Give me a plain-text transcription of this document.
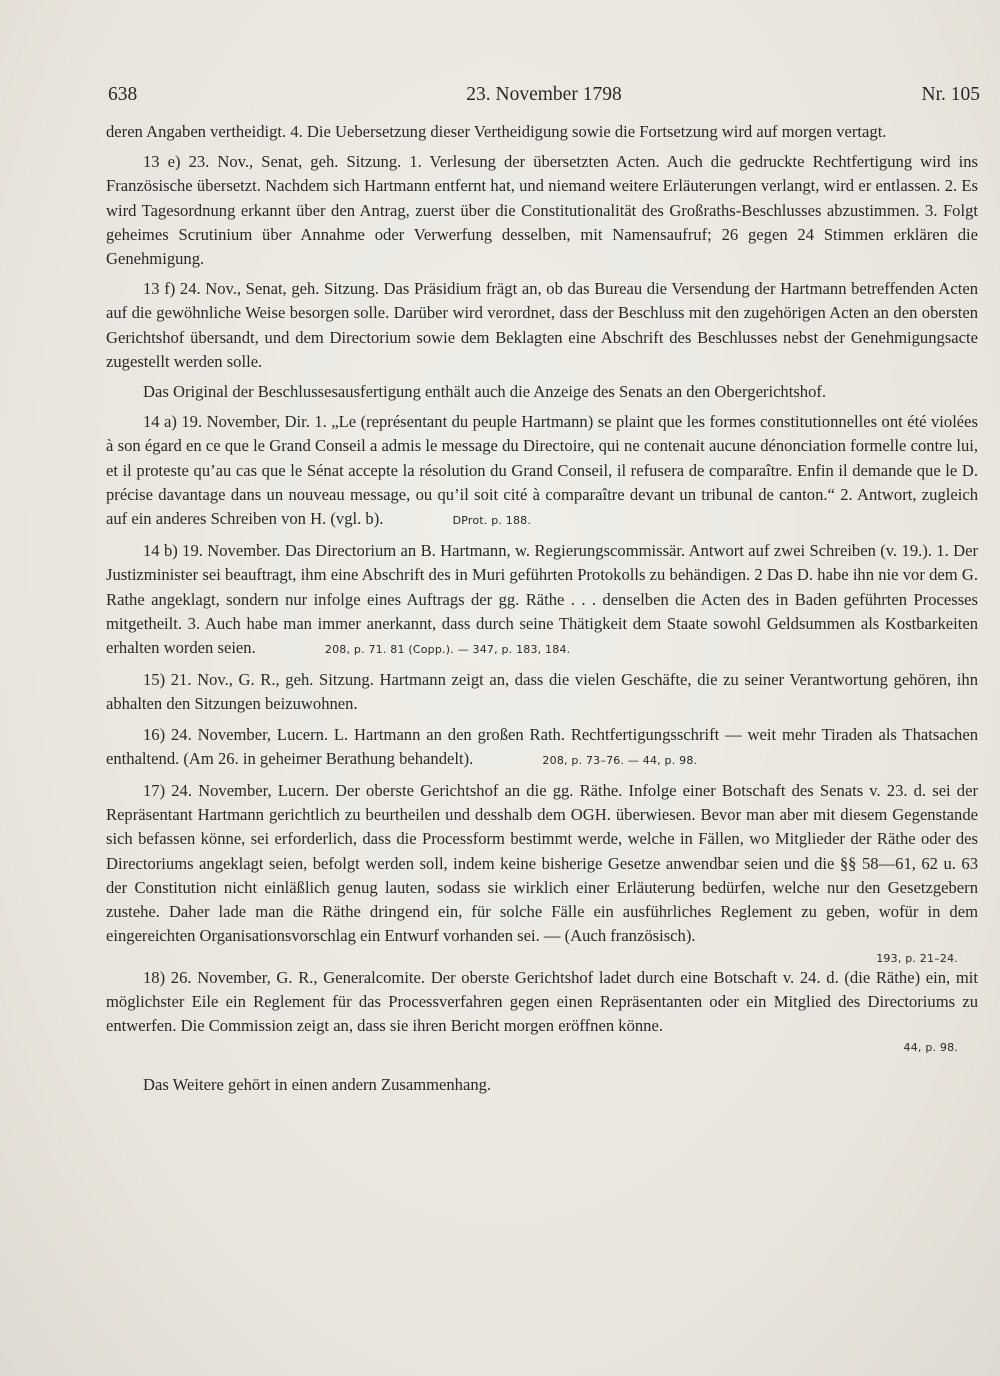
638	23. November 1798	Nr. 105

deren Angaben vertheidigt. 4. Die Uebersetzung dieser Vertheidigung sowie die Fortsetzung wird auf morgen vertagt.

13 e) 23. Nov., Senat, geh. Sitzung. 1. Verlesung der übersetzten Acten. Auch die gedruckte Rechtfertigung wird ins Französische übersetzt. Nachdem sich Hartmann entfernt hat, und niemand weitere Erläuterungen verlangt, wird er entlassen. 2. Es wird Tagesordnung erkannt über den Antrag, zuerst über die Constitutionalität des Großraths-Beschlusses abzustimmen. 3. Folgt geheimes Scrutinium über Annahme oder Verwerfung desselben, mit Namensaufruf; 26 gegen 24 Stimmen erklären die Genehmigung.

13 f) 24. Nov., Senat, geh. Sitzung. Das Präsidium frägt an, ob das Bureau die Versendung der Hartmann betreffenden Acten auf die gewöhnliche Weise besorgen solle. Darüber wird verordnet, dass der Beschluss mit den zugehörigen Acten an den obersten Gerichtshof übersandt, und dem Directorium sowie dem Beklagten eine Abschrift des Beschlusses nebst der Genehmigungsacte zugestellt werden solle.

Das Original der Beschlussesausfertigung enthält auch die Anzeige des Senats an den Obergerichtshof.

14 a) 19. November, Dir. 1. „Le (représentant du peuple Hartmann) se plaint que les formes constitutionnelles ont été violées à son égard en ce que le Grand Conseil a admis le message du Directoire, qui ne contenait aucune dénonciation formelle contre lui, et il proteste qu’au cas que le Sénat accepte la résolution du Grand Conseil, il refusera de comparaître. Enfin il demande que le D. précise davantage dans un nouveau message, ou qu’il soit cité à comparaître devant un tribunal de canton.“ 2. Antwort, zugleich auf ein anderes Schreiben von H. (vgl. b).	DProt. p. 188.

14 b) 19. November. Das Directorium an B. Hartmann, w. Regierungscommissär. Antwort auf zwei Schreiben (v. 19.). 1. Der Justizminister sei beauftragt, ihm eine Abschrift des in Muri geführten Protokolls zu behändigen. 2 Das D. habe ihn nie vor dem G. Rathe angeklagt, sondern nur infolge eines Auftrags der gg. Räthe . . . denselben die Acten des in Baden geführten Processes mitgetheilt. 3. Auch habe man immer anerkannt, dass durch seine Thätigkeit dem Staate sowohl Geldsummen als Kostbarkeiten erhalten worden seien.	208, p. 71. 81 (Copp.). — 347, p. 183, 184.

15) 21. Nov., G. R., geh. Sitzung. Hartmann zeigt an, dass die vielen Geschäfte, die zu seiner Verantwortung gehören, ihn abhalten den Sitzungen beizuwohnen.

16) 24. November, Lucern. L. Hartmann an den großen Rath. Rechtfertigungsschrift — weit mehr Tiraden als Thatsachen enthaltend. (Am 26. in geheimer Berathung behandelt).	208, p. 73–76. — 44, p. 98.

17) 24. November, Lucern. Der oberste Gerichtshof an die gg. Räthe. Infolge einer Botschaft des Senats v. 23. d. sei der Repräsentant Hartmann gerichtlich zu beurtheilen und desshalb dem OGH. überwiesen. Bevor man aber mit diesem Gegenstande sich befassen könne, sei erforderlich, dass die Processform bestimmt werde, welche in Fällen, wo Mitglieder der Räthe oder des Directoriums angeklagt seien, befolgt werden soll, indem keine bisherige Gesetze anwendbar seien und die §§ 58—61, 62 u. 63 der Constitution nicht einläßlich genug lauten, sodass sie wirklich einer Erläuterung bedürfen, welche nur den Gesetzgebern zustehe. Daher lade man die Räthe dringend ein, für solche Fälle ein ausführliches Reglement zu geben, wofür in dem eingereichten Organisationsvorschlag ein Entwurf vorhanden sei. — (Auch französisch).

193, p. 21–24.

18) 26. November, G. R., Generalcomite. Der oberste Gerichtshof ladet durch eine Botschaft v. 24. d. (die Räthe) ein, mit möglichster Eile ein Reglement für das Processverfahren gegen einen Repräsentanten oder ein Mitglied des Directoriums zu entwerfen. Die Commission zeigt an, dass sie ihren Bericht morgen eröffnen könne.

44, p. 98.

Das Weitere gehört in einen andern Zusammenhang.
